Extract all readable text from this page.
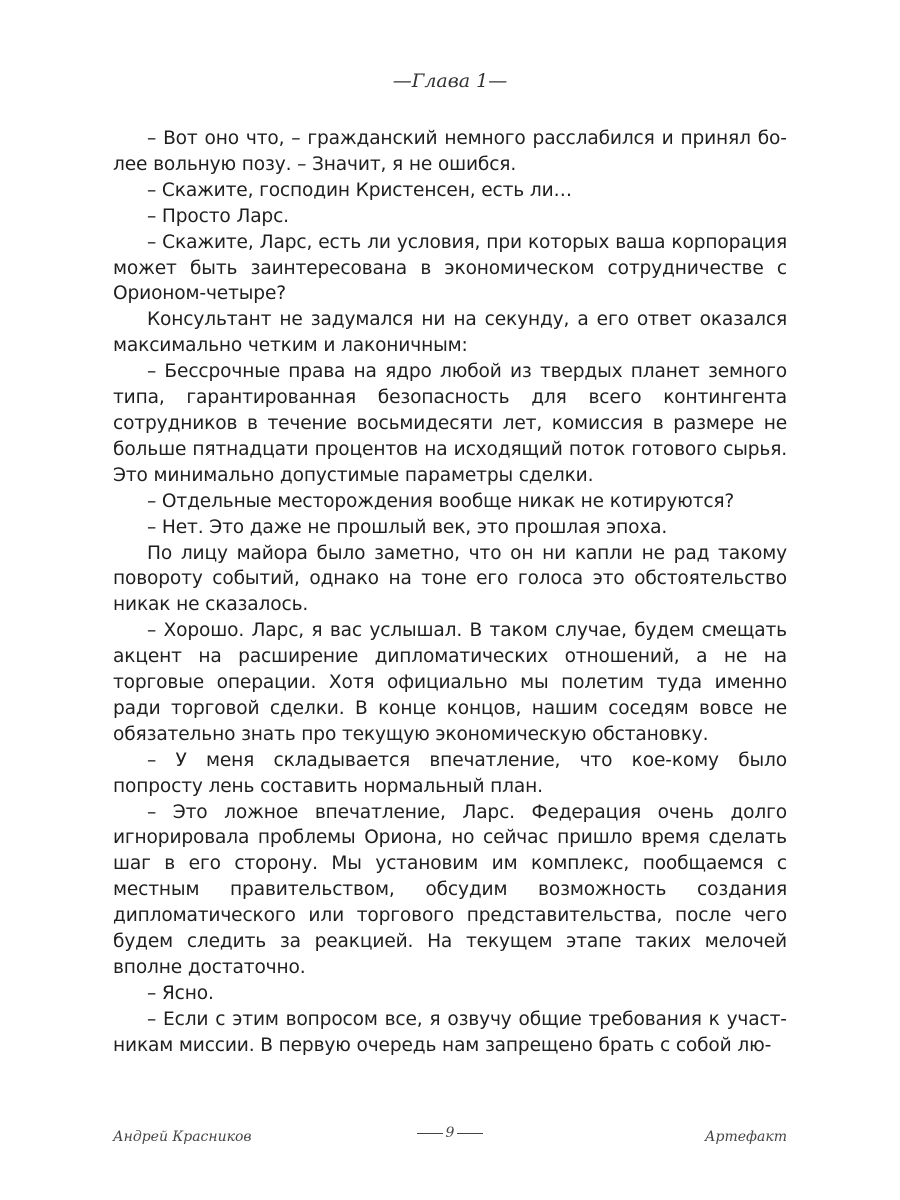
—Глава 1—

– Вот оно что, – гражданский немного расслабился и принял более вольную позу. – Значит, я не ошибся.

– Скажите, господин Кристенсен, есть ли…

– Просто Ларс.

– Скажите, Ларс, есть ли условия, при которых ваша корпорация может быть заинтересована в экономическом сотрудничестве с Орионом-четыре?

Консультант не задумался ни на секунду, а его ответ оказался максимально четким и лаконичным:

– Бессрочные права на ядро любой из твердых планет земного типа, гарантированная безопасность для всего контингента сотрудников в течение восьмидесяти лет, комиссия в размере не больше пятнадцати процентов на исходящий поток готового сырья. Это минимально допустимые параметры сделки.

– Отдельные месторождения вообще никак не котируются?

– Нет. Это даже не прошлый век, это прошлая эпоха.

По лицу майора было заметно, что он ни капли не рад такому повороту событий, однако на тоне его голоса это обстоятельство никак не сказалось.

– Хорошо. Ларс, я вас услышал. В таком случае, будем смещать акцент на расширение дипломатических отношений, а не на торговые операции. Хотя официально мы полетим туда именно ради торговой сделки. В конце концов, нашим соседям вовсе не обязательно знать про текущую экономическую обстановку.

– У меня складывается впечатление, что кое-кому было попросту лень составить нормальный план.

– Это ложное впечатление, Ларс. Федерация очень долго игнорировала проблемы Ориона, но сейчас пришло время сделать шаг в его сторону. Мы установим им комплекс, пообщаемся с местным правительством, обсудим возможность создания дипломатического или торгового представительства, после чего будем следить за реакцией. На текущем этапе таких мелочей вполне достаточно.

– Ясно.

– Если с этим вопросом все, я озвучу общие требования к участникам миссии. В первую очередь нам запрещено брать с собой лю-

Андрей Красников	9	Артефакт
